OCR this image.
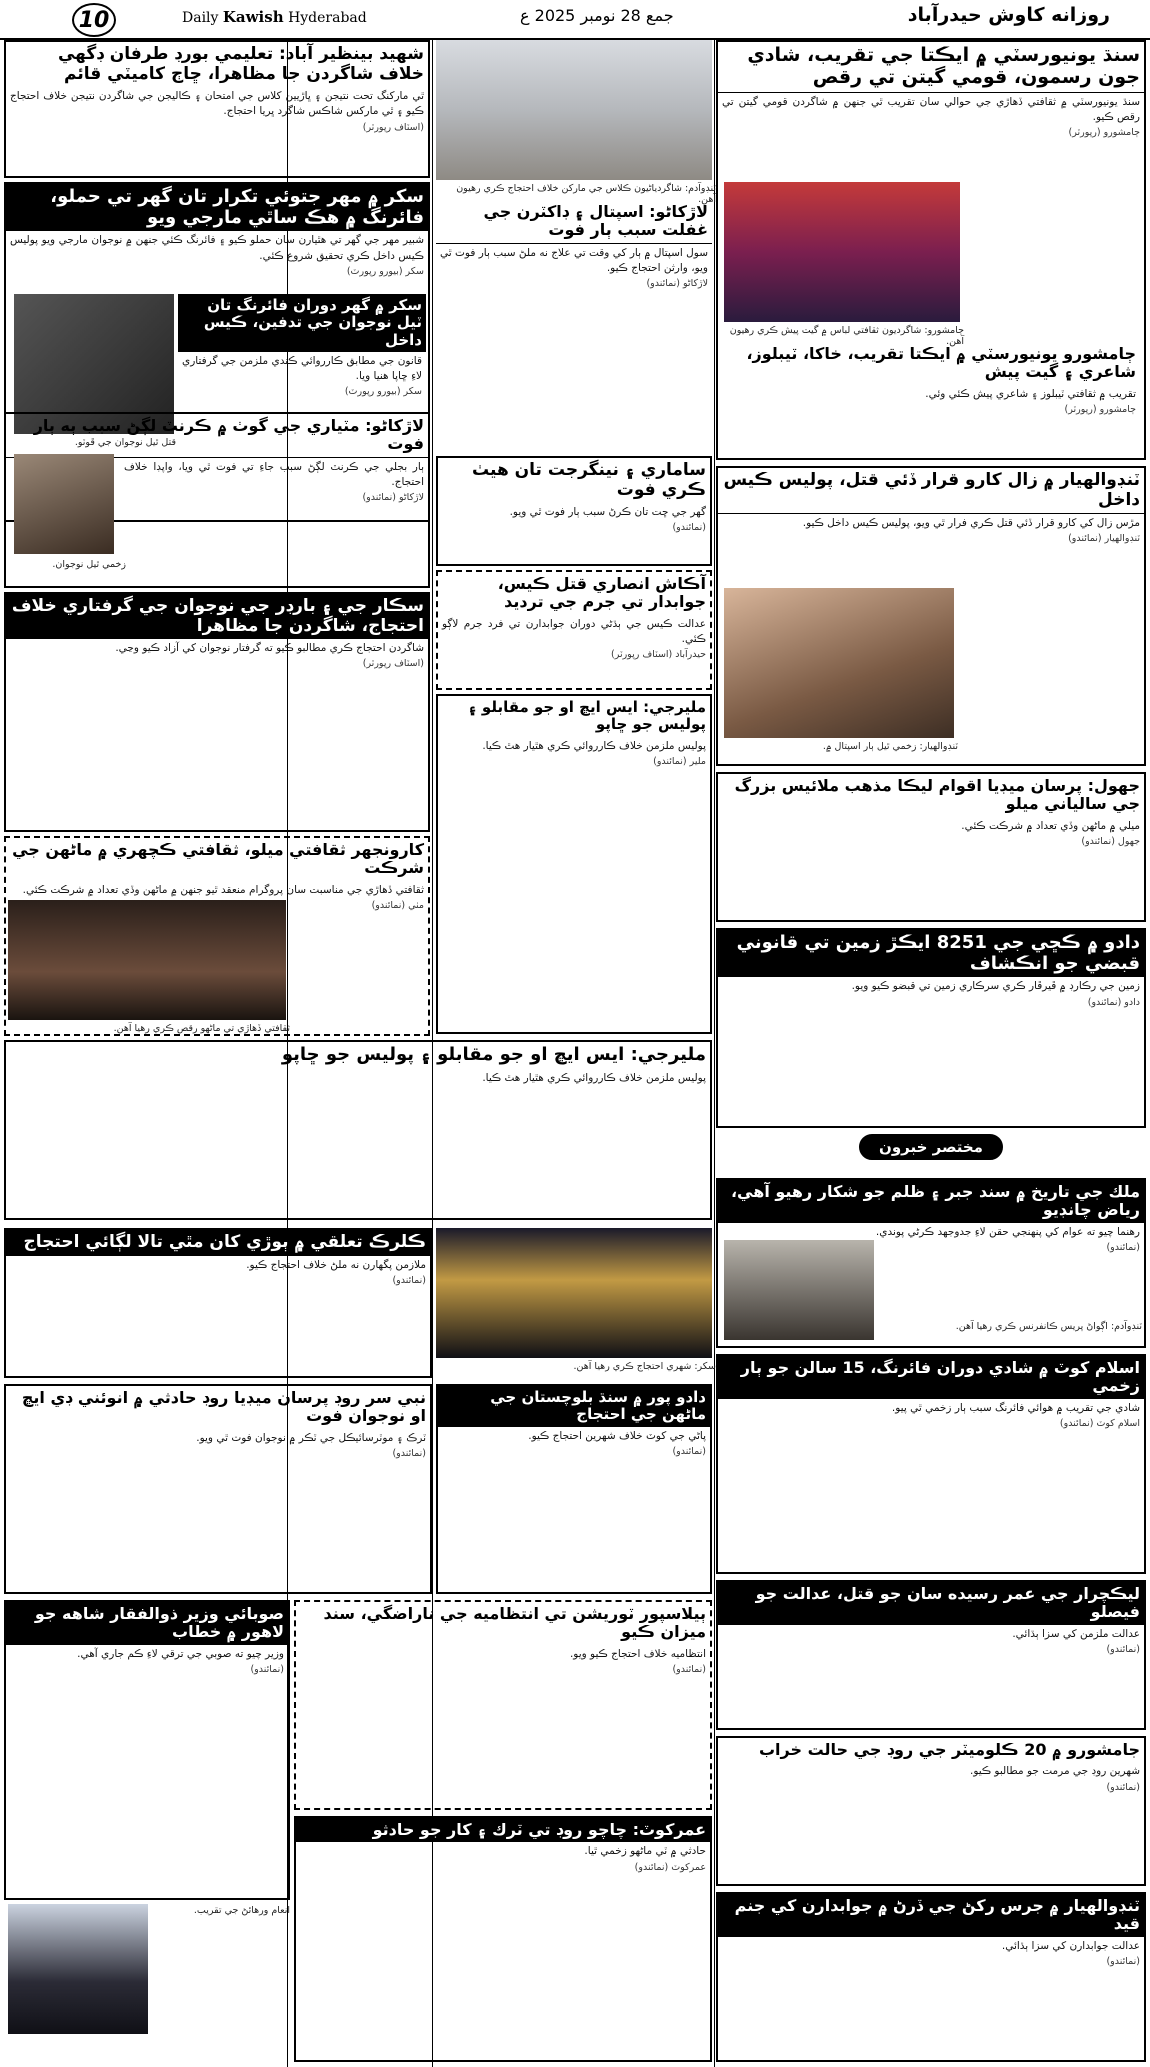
10	Daily Kawish Hyderabad	جمع 28 نومبر 2025 ع	روزانه كاوش حيدرآباد
شهيد بينظير آباد: تعليمي بورڊ طرفان ڊگهي خلاف شاگردن جا مظاهرا، ڇاڄ كاميٽي قائم
ٿي ماركنگ تحت نتيجن ۽ ڀاڙيين كلاس جي امتحان ۽ ڪاليجن جي شاگردن نتيجن خلاف احتجاج ڪيو ۽ ٿي ماركس شاڪس شاگرد ڀريا احتجاج.
(اسٽاف رپورٽر)
سكر ۾ مهر جتوئي تكرار تان گهر تي حملو، فائرنگ ۾ هڪ ساٿي مارجي ويو
شبير مهر جي گهر تي هٿيارن سان حملو ڪيو ۽ فائرنگ ڪئي جنهن ۾ نوجوان مارجي ويو پوليس ڪيس داخل ڪري تحقيق شروع ڪئي.
سكر (بيورو رپورٽ)
سكر ۾ گهر دوران فائرنگ تان ٽيل نوجوان جي تدفين، ڪيس داخل
قانون جي مطابق ڪارروائي ڪندي ملزمن جي گرفتاري لاءِ ڇاپا هنيا ويا.
سكر (بيورو رپورٽ)
قتل ٿيل نوجوان جي ڦوٽو.
لاڙكاڻو: مٽياري جي گوٺ ۾ ڪرنٽ لڳڻ سبب ٻه ٻار فوت
ٻار بجلي جي ڪرنٽ لڳڻ سبب جاءِ تي فوت ٿي ويا، واپڊا خلاف احتجاج.
لاڙكاڻو (نمائندو)
زخمي ٿيل نوجوان.
سڪار جي ۽ بارڊر جي نوجوان جي گرفتاري خلاف احتجاج، شاگردن جا مظاهرا
شاگردن احتجاج ڪري مطالبو ڪيو ته گرفتار نوجوان کي آزاد ڪيو وڃي.
(اسٽاف رپورٽر)
كارونجهر ثقافتي ميلو، ثقافتي ڪچهري ۾ ماڻهن جي شرڪت
ثقافتي ڏهاڙي جي مناسبت سان پروگرام منعقد ٿيو جنهن ۾ ماڻهن وڏي تعداد ۾ شرڪت ڪئي.
مٺي (نمائندو)
ثقافتي ڏهاڙي تي ماڻهو رقص ڪري رهيا آهن.
ٽنڊوآدم: شاگردياڻيون ڪلاس جي ماركن خلاف احتجاج ڪري رهيون آهن.
لاڙكاڻو: اسپتال ۽ ڊاكٽرن جي غفلت سبب ٻار فوت
سول اسپتال ۾ ٻار کي وقت تي علاج نه ملڻ سبب ٻار فوت ٿي ويو، وارثن احتجاج ڪيو.
لاڙكاڻو (نمائندو)
ساماري ۽ نينگرجت تان هيٺ ڪري فوت
گهر جي ڇت تان ڪرڻ سبب ٻار فوت ٿي ويو.
(نمائندو)
آڪاش انصاري قتل ڪيس، جوابدار تي جرم جي ترديد
عدالت ڪيس جي ٻڌڻي دوران جوابدارن تي فرد جرم لاڳو ڪئي.
حيدرآباد (اسٽاف رپورٽر)
مليرجي: ايس ايڇ او جو مقابلو ۽ پوليس جو ڇاپو
پوليس ملزمن خلاف ڪارروائي ڪري هٿيار هٿ ڪيا.
ملير (نمائندو)
مليرجي: ايس ايڇ او جو مقابلو ۽ پوليس جو ڇاپو
پوليس ملزمن خلاف ڪارروائي ڪري هٿيار هٿ ڪيا.
سكر: شهري احتجاج ڪري رهيا آهن.
ڪلرڪ تعلقي ۾ ٻوڙي کان مٿي تالا لڳائي احتجاج
ملازمن پگهارن نه ملڻ خلاف احتجاج ڪيو.
(نمائندو)
نبي سر روڊ پرسان ميڊيا روڊ حادثي ۾ انوئني ڊي ايڇ او نوجوان فوت
ٽرڪ ۽ موٽرسائيڪل جي ٽڪر ۾ نوجوان فوت ٿي ويو.
(نمائندو)
دادو پور ۾ سنڌ بلوچستان جي ماڻهن جي احتجاج
پاڻي جي کوٽ خلاف شهرين احتجاج ڪيو.
(نمائندو)
صوبائي وزير ذوالفقار شاهه جو لاهور ۾ خطاب
وزير چيو ته صوبي جي ترقي لاءِ ڪم جاري آهي.
(نمائندو)
انعام ورهائڻ جي تقريب.
ٻيلاسپور ٽوريشن تي انتظاميه جي ناراضگي، سند ميزان ڪيو
انتظاميه خلاف احتجاج ڪيو ويو.
(نمائندو)
عمركوٽ: چاچو روڊ تي ٽرك ۽ كار جو حادثو
حادثي ۾ ٽي ماڻهو زخمي ٿيا.
عمركوٽ (نمائندو)
سنڌ يونيورسٽي ۾ ايڪتا جي تقريب، شادي جون رسمون، قومي گيتن تي رقص
سنڌ يونيورسٽي ۾ ثقافتي ڏهاڙي جي حوالي سان تقريب ٿي جنهن ۾ شاگردن قومي گيتن تي رقص ڪيو.
ڄامشورو (رپورٽر)
ڄامشورو: شاگرديون ثقافتي لباس ۾ گيت پيش ڪري رهيون آهن.
ڄامشورو يونيورسٽي ۾ ايڪتا تقريب، خاكا، ٽيبلوز، شاعري ۽ گيت پيش
تقريب ۾ ثقافتي ٽيبلوز ۽ شاعري پيش ڪئي وئي.
ڄامشورو (رپورٽر)
ٽنڊوالهيار ۾ زال كارو قرار ڏئي قتل، پوليس ڪيس داخل
مڙس زال کي كارو قرار ڏئي قتل ڪري فرار ٿي ويو، پوليس ڪيس داخل ڪيو.
ٽنڊوالهيار (نمائندو)
ٽنڊوالهيار: زخمي ٿيل ٻار اسپتال ۾.
جهول: پرسان ميڊيا اقوام ليڪا مذهب ملائيس بزرگ جي سالياني ميلو
ميلي ۾ ماڻهن وڏي تعداد ۾ شرڪت ڪئي.
جهول (نمائندو)
دادو ۾ ڪڇي جي 8251 ايڪڙ زمين تي قانوني قبضي جو انڪشاف
زمين جي رڪارڊ ۾ ڦيرڦار ڪري سرڪاري زمين تي قبضو ڪيو ويو.
دادو (نمائندو)
مختصر خبرون
ملك جي تاريخ ۾ سند جبر ۽ ظلم جو شكار رهيو آهي، رياض چانڊيو
رهنما چيو ته عوام کي پنهنجي حقن لاءِ جدوجهد ڪرڻي پوندي.
(نمائندو)
ٽنڊوآدم: اڳواڻ پريس ڪانفرنس ڪري رهيا آهن.
اسلام كوٽ ۾ شادي دوران فائرنگ، 15 سالن جو ٻار زخمي
شادي جي تقريب ۾ هوائي فائرنگ سبب ٻار زخمي ٿي پيو.
اسلام كوٽ (نمائندو)
ليڪچرار جي عمر رسيده سان جو قتل، عدالت جو فيصلو
عدالت ملزمن کي سزا ٻڌائي.
(نمائندو)
جامشورو ۾ 20 ڪلوميٽر جي روڊ جي حالت خراب
شهرين روڊ جي مرمت جو مطالبو ڪيو.
(نمائندو)
ٽنڊوالهيار ۾ جرس ركڻ جي ڏرڻ ۾ جوابدارن كي جنم قيد
عدالت جوابدارن کي سزا ٻڌائي.
(نمائندو)
